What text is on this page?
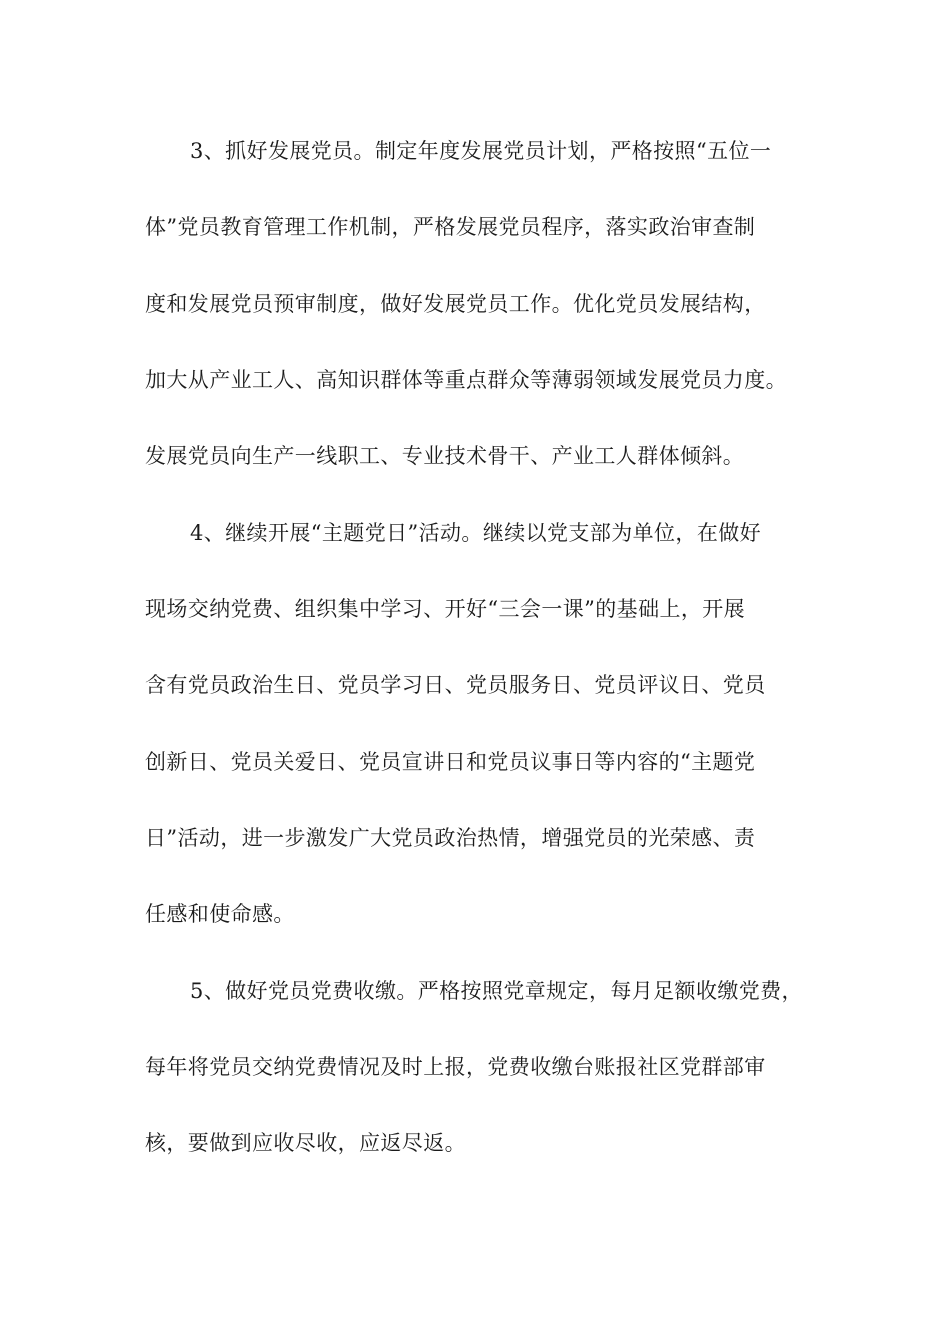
3、抓好发展党员。制定年度发展党员计划，严格按照“五位一

体”党员教育管理工作机制，严格发展党员程序，落实政治审查制

度和发展党员预审制度，做好发展党员工作。优化党员发展结构，

加大从产业工人、高知识群体等重点群众等薄弱领域发展党员力度。

发展党员向生产一线职工、专业技术骨干、产业工人群体倾斜。

4、继续开展“主题党日”活动。继续以党支部为单位，在做好

现场交纳党费、组织集中学习、开好“三会一课”的基础上，开展

含有党员政治生日、党员学习日、党员服务日、党员评议日、党员

创新日、党员关爱日、党员宣讲日和党员议事日等内容的“主题党

日”活动，进一步激发广大党员政治热情，增强党员的光荣感、责

任感和使命感。

5、做好党员党费收缴。严格按照党章规定，每月足额收缴党费，

每年将党员交纳党费情况及时上报，党费收缴台账报社区党群部审

核，要做到应收尽收，应返尽返。
